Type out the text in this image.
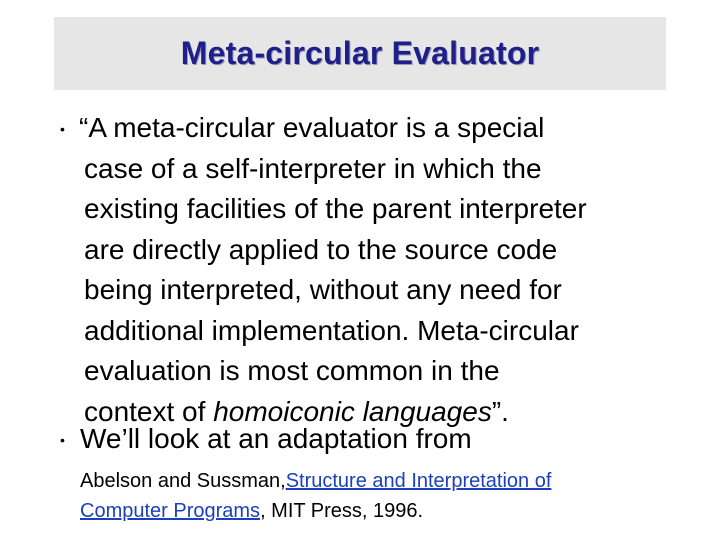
Meta-circular Evaluator
• “A meta-circular evaluator is a special
case of a self-interpreter in which the
existing facilities of the parent interpreter
are directly applied to the source code
being interpreted, without any need for
additional implementation. Meta-circular
evaluation is most common in the
context of homoiconic languages”.
• We’ll look at an adaptation from
Abelson and Sussman,Structure and Interpretation of
Computer Programs, MIT Press, 1996.
